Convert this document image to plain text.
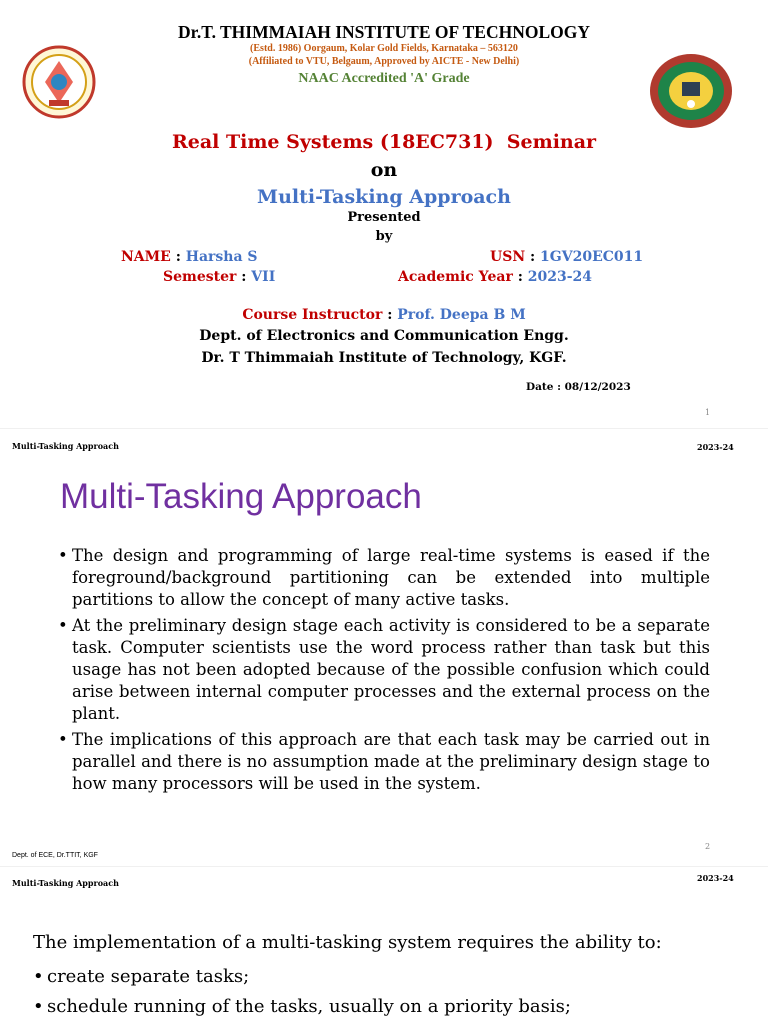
Dr.T. THIMMAIAH INSTITUTE OF TECHNOLOGY
(Estd. 1986) Oorgaum, Kolar Gold Fields, Karnataka – 563120
(Affiliated to VTU, Belgaum, Approved by AICTE - New Delhi)
NAAC Accredited 'A' Grade
Real Time Systems (18EC731)  Seminar
on
Multi-Tasking Approach
Presented
by
NAME : Harsha S	USN : 1GV20EC011
Semester : VII	Academic Year : 2023-24
Course Instructor : Prof. Deepa B M
Dept. of Electronics and Communication Engg.
Dr. T Thimmaiah Institute of Technology, KGF.
Date : 08/12/2023
1
Multi-Tasking Approach	2023-24
Multi-Tasking Approach
• The design and programming of large real-time systems is eased if the foreground/background partitioning can be extended into multiple partitions to allow the concept of many active tasks.
• At the preliminary design stage each activity is considered to be a separate task. Computer scientists use the word process rather than task but this usage has not been adopted because of the possible confusion which could arise between internal computer processes and the external process on the plant.
• The implications of this approach are that each task may be carried out in parallel and there is no assumption made at the preliminary design stage to how many processors will be used in the system.
2
Dept. of ECE, Dr.TTIT, KGF
Multi-Tasking Approach	2023-24
The implementation of a multi-tasking system requires the ability to:
• create separate tasks;
• schedule running of the tasks, usually on a priority basis;
